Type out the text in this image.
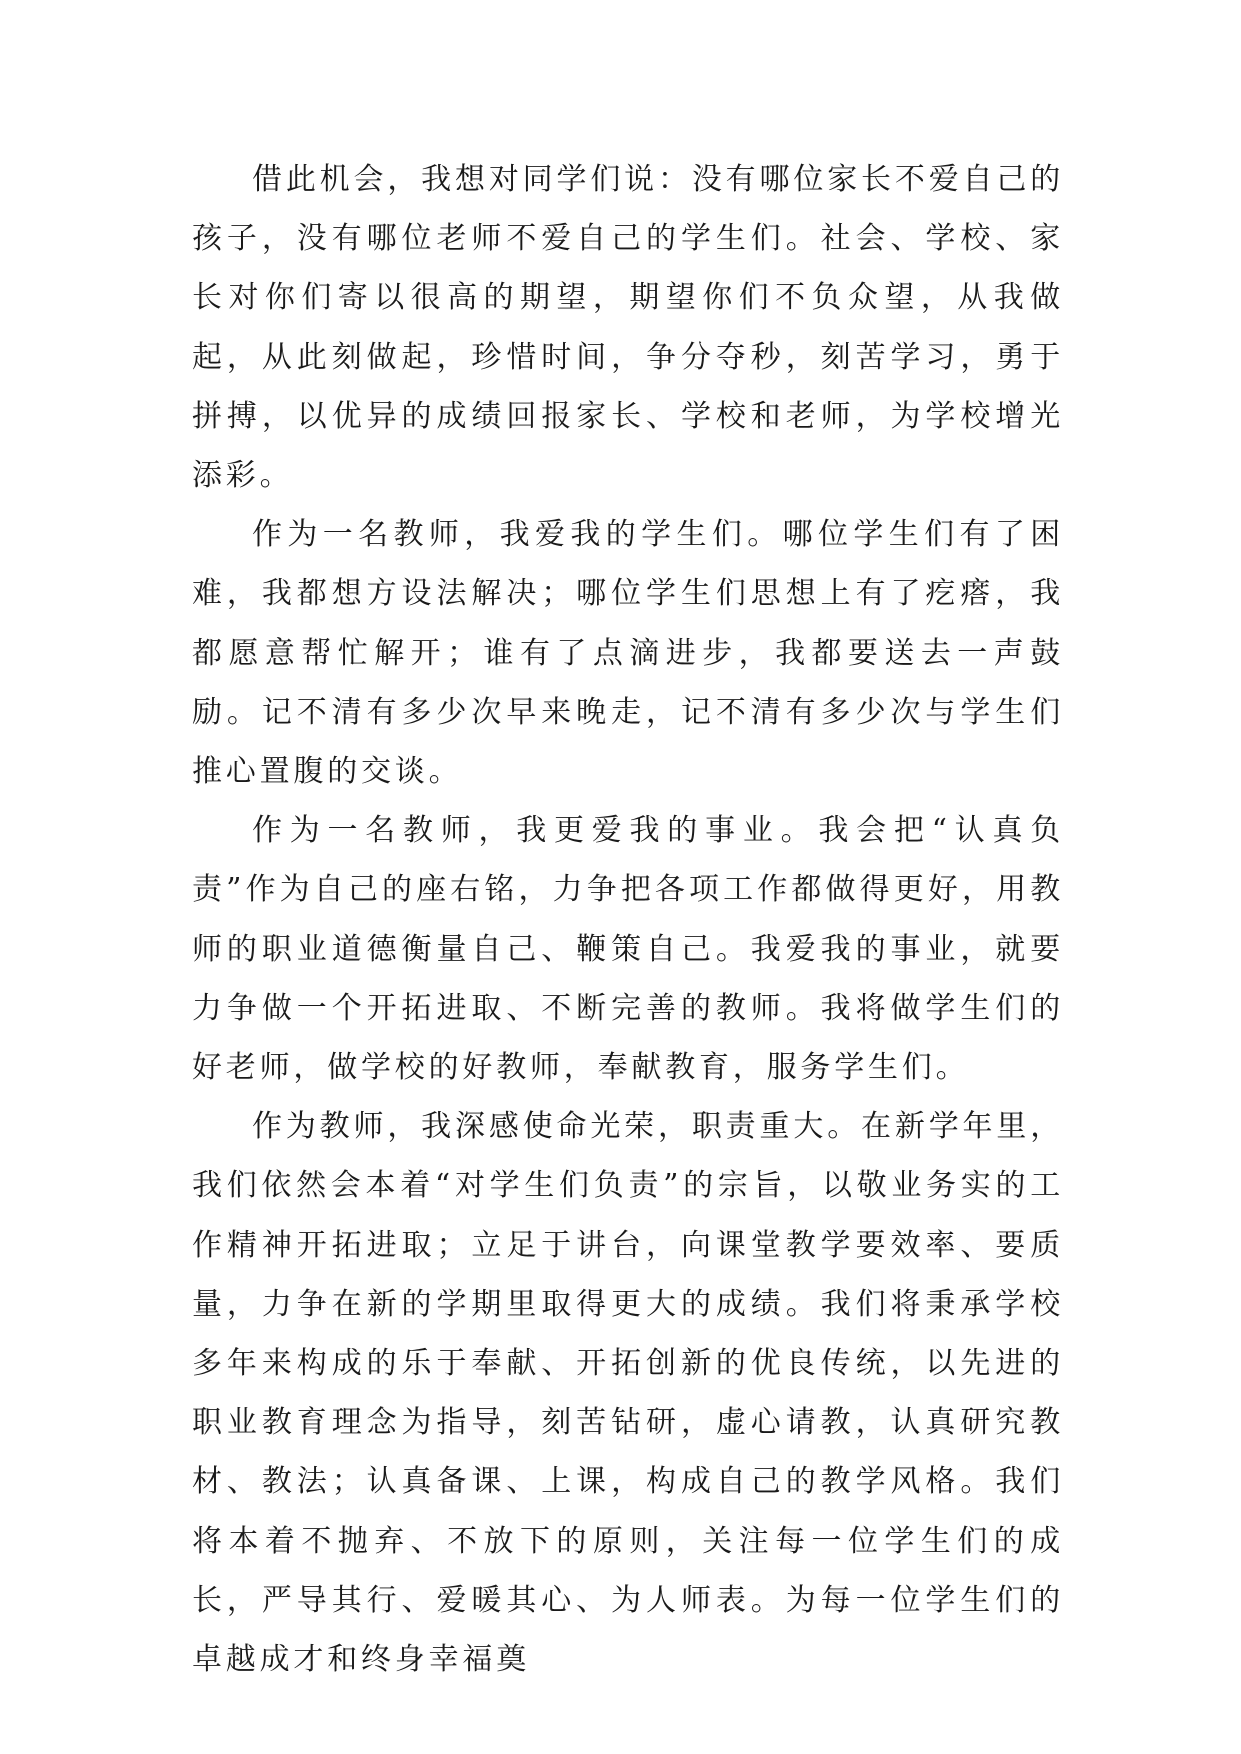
借此机会，我想对同学们说：没有哪位家长不爱自己的孩子，没有哪位老师不爱自己的学生们。社会、学校、家长对你们寄以很高的期望，期望你们不负众望，从我做起，从此刻做起，珍惜时间，争分夺秒，刻苦学习，勇于拼搏，以优异的成绩回报家长、学校和老师，为学校增光添彩。

作为一名教师，我爱我的学生们。哪位学生们有了困难，我都想方设法解决；哪位学生们思想上有了疙瘩，我都愿意帮忙解开；谁有了点滴进步，我都要送去一声鼓励。记不清有多少次早来晚走，记不清有多少次与学生们推心置腹的交谈。

作为一名教师，我更爱我的事业。我会把“认真负责”作为自己的座右铭，力争把各项工作都做得更好，用教师的职业道德衡量自己、鞭策自己。我爱我的事业，就要力争做一个开拓进取、不断完善的教师。我将做学生们的好老师，做学校的好教师，奉献教育，服务学生们。

作为教师，我深感使命光荣，职责重大。在新学年里，我们依然会本着“对学生们负责”的宗旨，以敬业务实的工作精神开拓进取；立足于讲台，向课堂教学要效率、要质量，力争在新的学期里取得更大的成绩。我们将秉承学校多年来构成的乐于奉献、开拓创新的优良传统，以先进的职业教育理念为指导，刻苦钻研，虚心请教，认真研究教材、教法；认真备课、上课，构成自己的教学风格。我们将本着不抛弃、不放下的原则，关注每一位学生们的成长，严导其行、爱暖其心、为人师表。为每一位学生们的卓越成才和终身幸福奠
